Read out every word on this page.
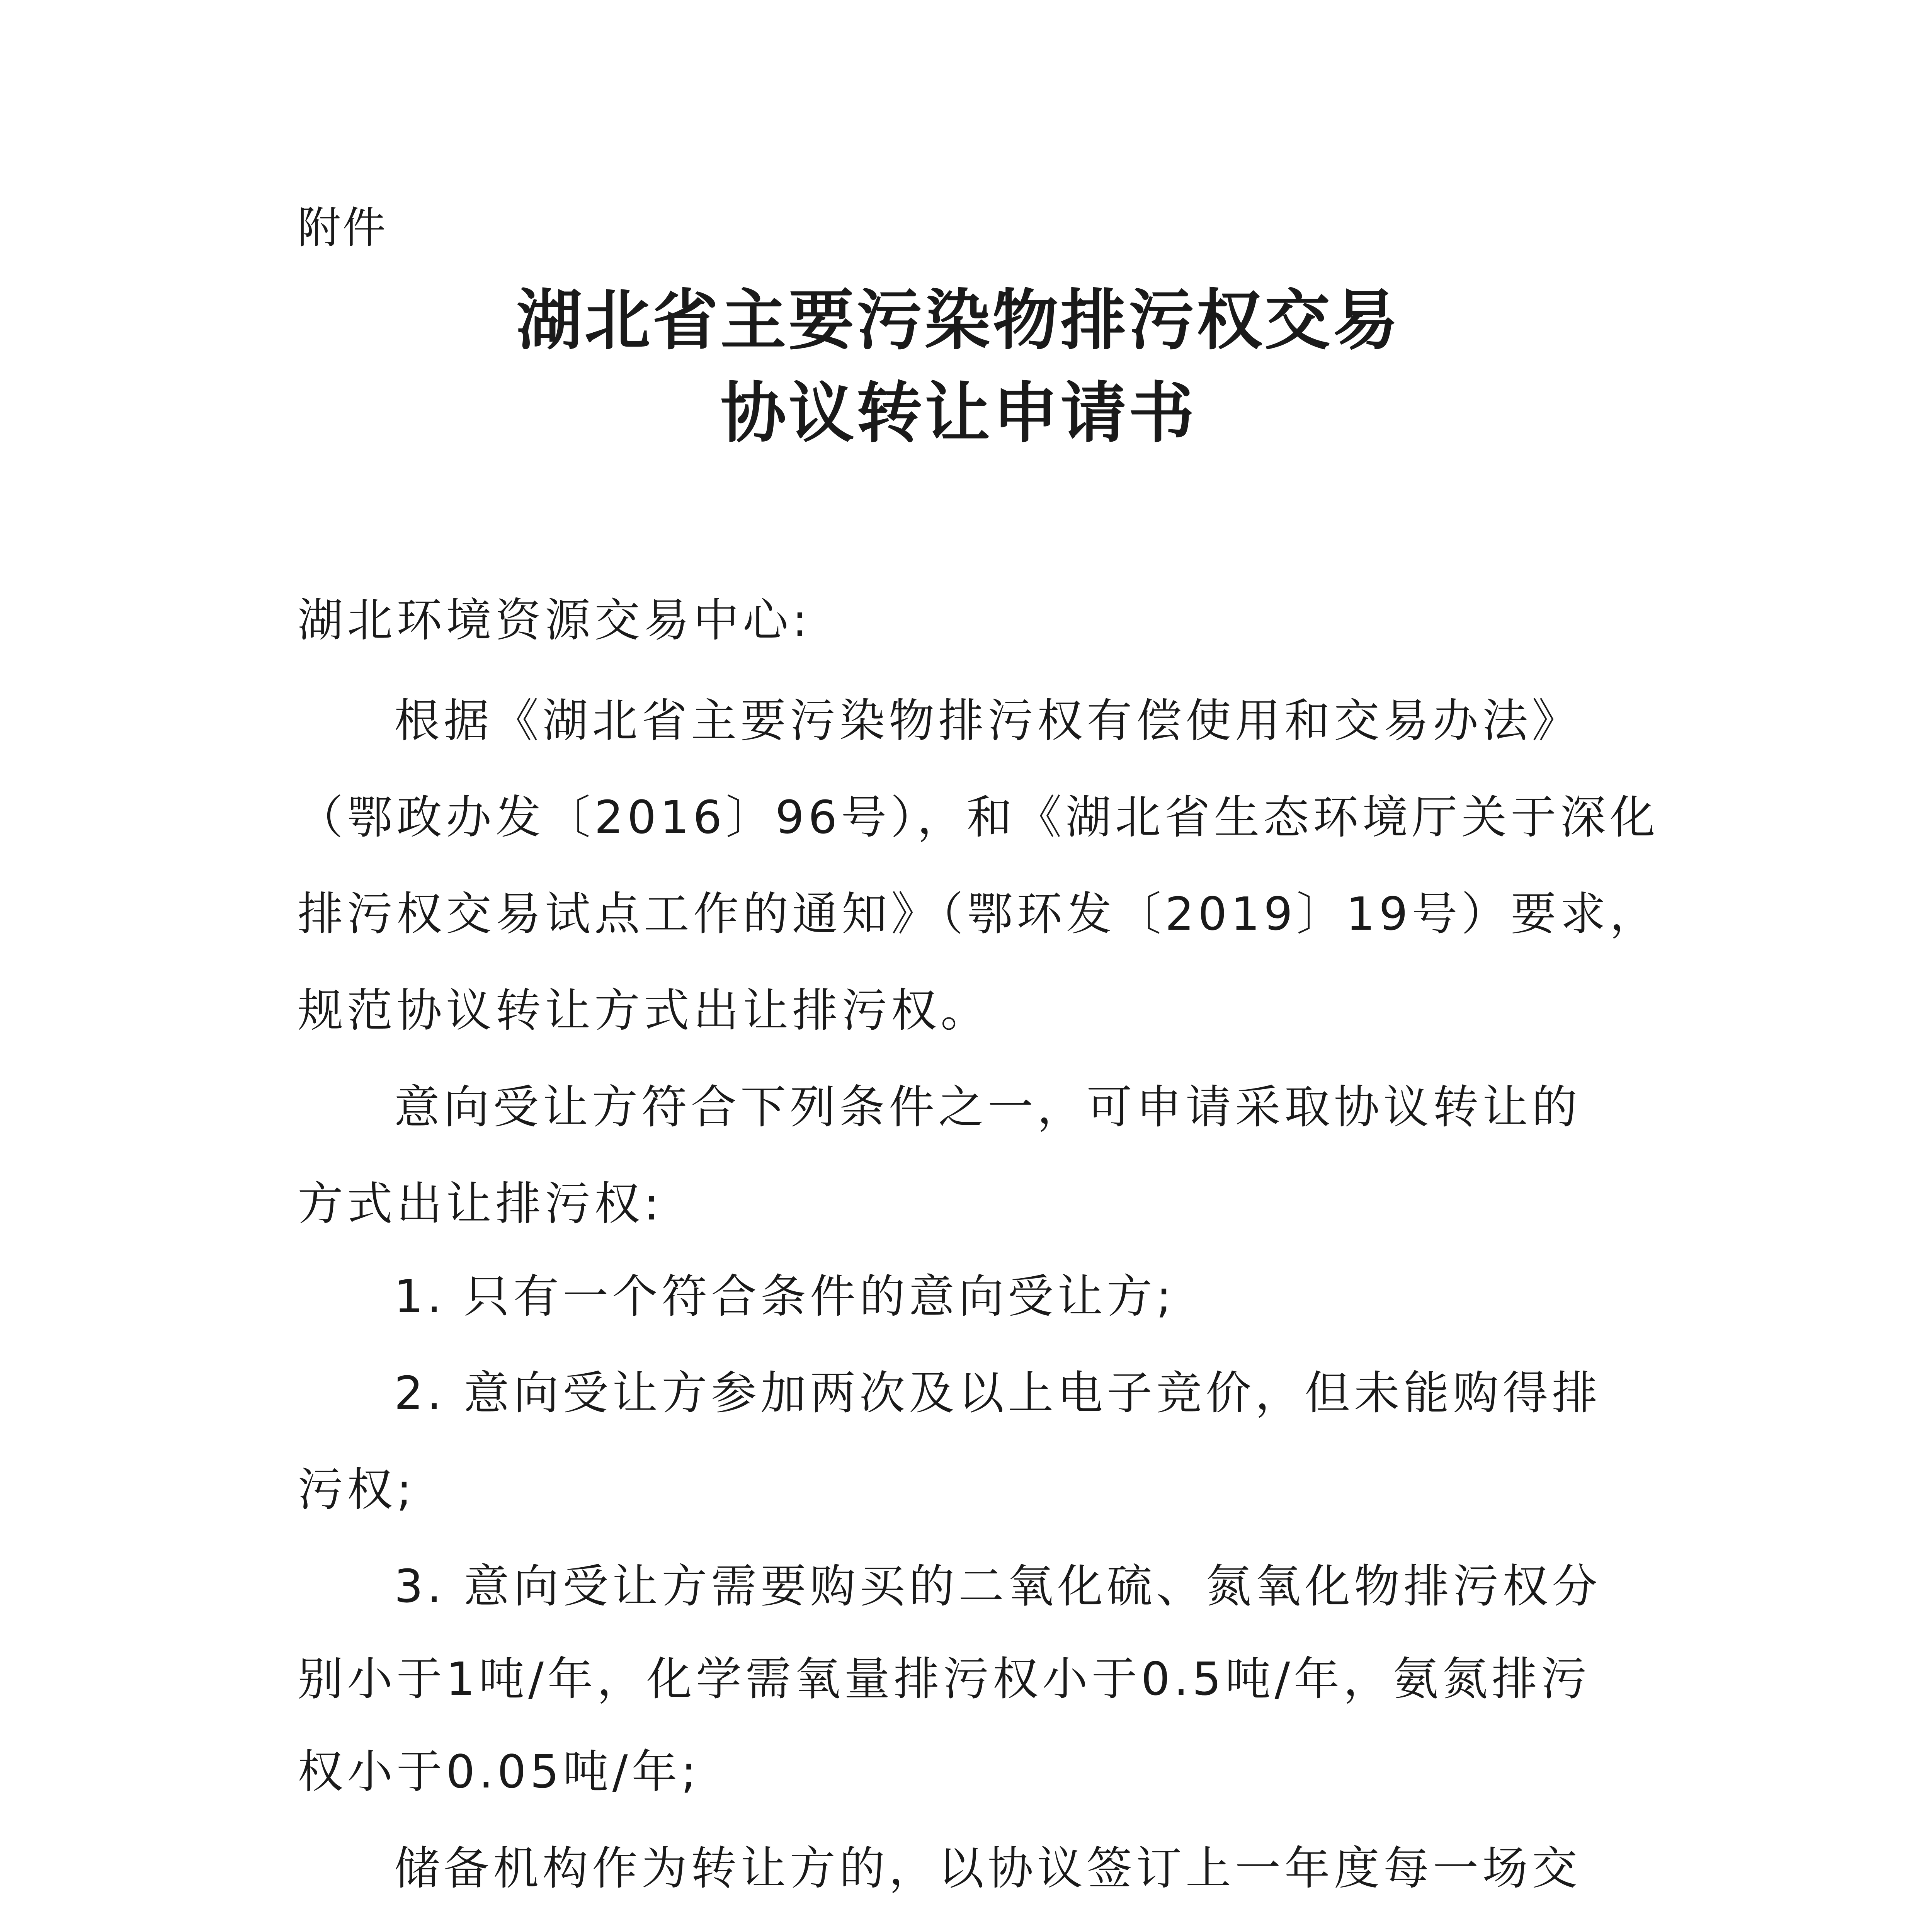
附件
湖北省主要污染物排污权交易
协议转让申请书
湖北环境资源交易中心:
根据《湖北省主要污染物排污权有偿使用和交易办法》
（鄂政办发〔2016〕96号），和《湖北省生态环境厅关于深化
排污权交易试点工作的通知》（鄂环发〔2019〕19号）要求，
规范协议转让方式出让排污权。
意向受让方符合下列条件之一，可申请采取协议转让的
方式出让排污权:
1. 只有一个符合条件的意向受让方;
2. 意向受让方参加两次及以上电子竞价，但未能购得排
污权;
3. 意向受让方需要购买的二氧化硫、氮氧化物排污权分
别小于1吨/年，化学需氧量排污权小于0.5吨/年，氨氮排污
权小于0.05吨/年;
储备机构作为转让方的，以协议签订上一年度每一场交
